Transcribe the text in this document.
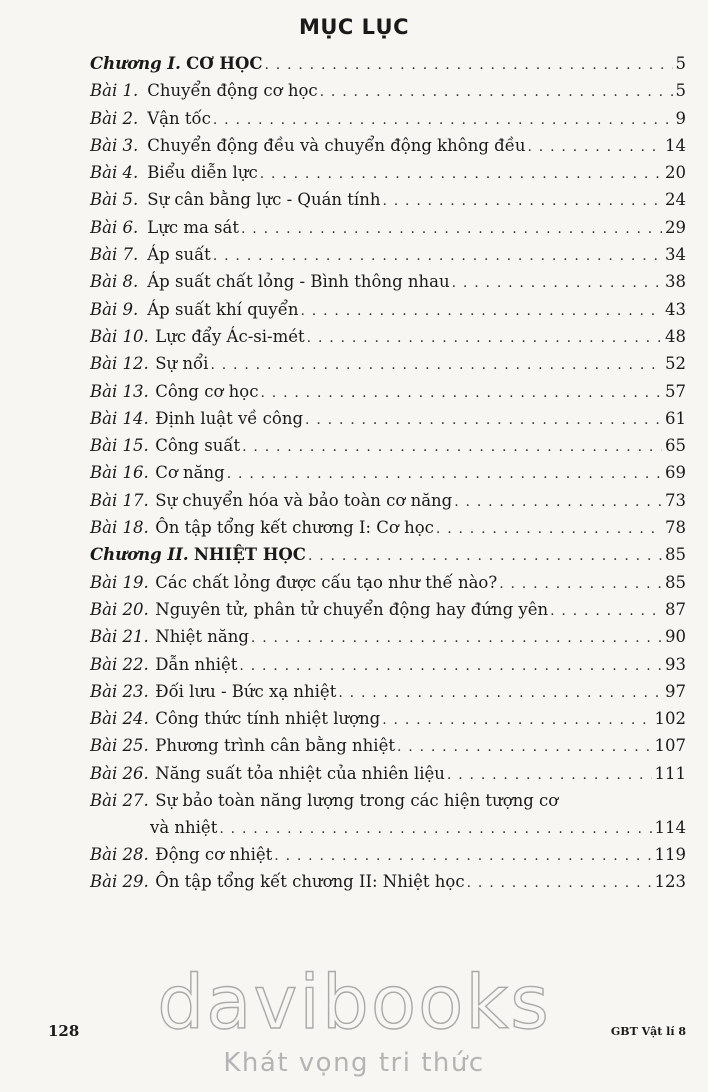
MỤC LỤC
Chương I. CƠ HỌC . . .	5
Bài 1. Chuyển động cơ học . . .	5
Bài 2. Vận tốc . . .	9
Bài 3. Chuyển động đều và chuyển động không đều . . .	14
Bài 4. Biểu diễn lực . . .	20
Bài 5. Sự cân bằng lực - Quán tính . . .	24
Bài 6. Lực ma sát . . .	29
Bài 7. Áp suất . . .	34
Bài 8. Áp suất chất lỏng - Bình thông nhau . . .	38
Bài 9. Áp suất khí quyển . . .	43
Bài 10. Lực đẩy Ác-si-mét . . .	48
Bài 12. Sự nổi . . .	52
Bài 13. Công cơ học . . .	57
Bài 14. Định luật về công . . .	61
Bài 15. Công suất . . .	65
Bài 16. Cơ năng . . .	69
Bài 17. Sự chuyển hóa và bảo toàn cơ năng . . .	73
Bài 18. Ôn tập tổng kết chương I: Cơ học . . .	78
Chương II. NHIỆT HỌC . . .	85
Bài 19. Các chất lỏng được cấu tạo như thế nào? . . .	85
Bài 20. Nguyên tử, phân tử chuyển động hay đứng yên . . .	87
Bài 21. Nhiệt năng . . .	90
Bài 22. Dẫn nhiệt . . .	93
Bài 23. Đối lưu - Bức xạ nhiệt . . .	97
Bài 24. Công thức tính nhiệt lượng . . .	102
Bài 25. Phương trình cân bằng nhiệt . . .	107
Bài 26. Năng suất tỏa nhiệt của nhiên liệu . . .	111
Bài 27. Sự bảo toàn năng lượng trong các hiện tượng cơ
và nhiệt . . .	114
Bài 28. Động cơ nhiệt . . .	119
Bài 29. Ôn tập tổng kết chương II: Nhiệt học . . .	123
davibooks
Khát vọng tri thức
128	GBT Vật lí 8
